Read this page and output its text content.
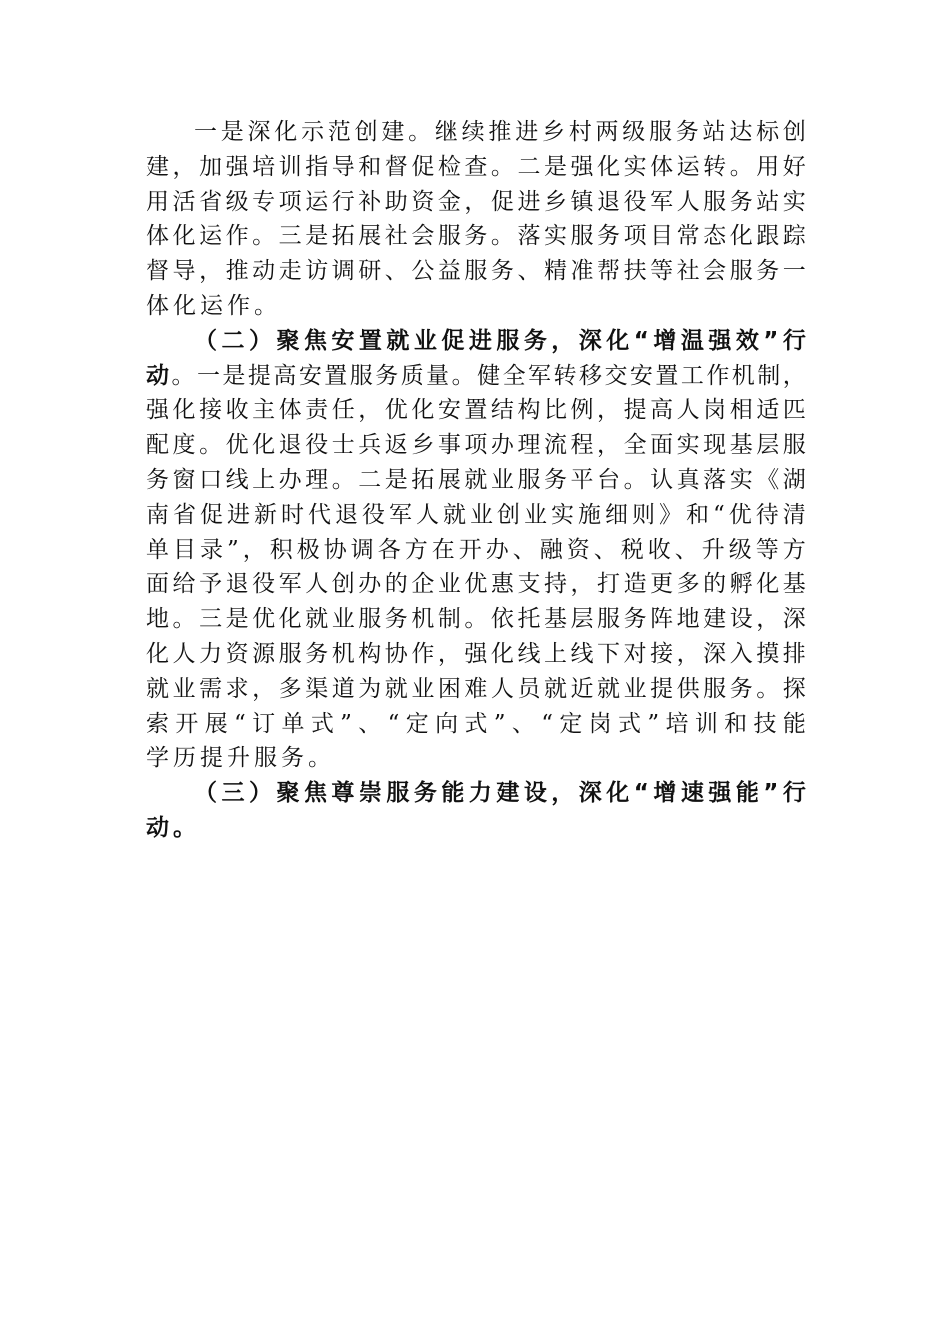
一 是 深 化 示 范 创 建 。 继 续 推 进 乡 村 两 级 服 务 站 达 标 创
建 ， 加 强 培 训 指 导 和 督 促 检 查 。 二 是 强 化 实 体 运 转 。 用 好
用 活 省 级 专 项 运 行 补 助 资 金 ， 促 进 乡 镇 退 役 军 人 服 务 站 实
体 化 运 作 。 三 是 拓 展 社 会 服 务 。 落 实 服 务 项 目 常 态 化 跟 踪
督 导 ， 推 动 走 访 调 研 、 公 益 服 务 、 精 准 帮 扶 等 社 会 服 务 一
体化运作。
（ 二 ） 聚 焦 安 置 就 业 促 进 服 务 ， 深 化 “ 增 温 强 效 ” 行
动 。 一 是 提 高 安 置 服 务 质 量 。 健 全 军 转 移 交 安 置 工 作 机 制 ，
强 化 接 收 主 体 责 任 ， 优 化 安 置 结 构 比 例 ， 提 高 人 岗 相 适 匹
配 度 。 优 化 退 役 士 兵 返 乡 事 项 办 理 流 程 ， 全 面 实 现 基 层 服
务 窗 口 线 上 办 理 。 二 是 拓 展 就 业 服 务 平 台 。 认 真 落 实 《 湖
南 省 促 进 新 时 代 退 役 军 人 就 业 创 业 实 施 细 则 》 和 “ 优 待 清
单 目 录 ” ， 积 极 协 调 各 方 在 开 办 、 融 资 、 税 收 、 升 级 等 方
面 给 予 退 役 军 人 创 办 的 企 业 优 惠 支 持 ， 打 造 更 多 的 孵 化 基
地 。 三 是 优 化 就 业 服 务 机 制 。 依 托 基 层 服 务 阵 地 建 设 ， 深
化 人 力 资 源 服 务 机 构 协 作 ， 强 化 线 上 线 下 对 接 ， 深 入 摸 排
就 业 需 求 ， 多 渠 道 为 就 业 困 难 人 员 就 近 就 业 提 供 服 务 。 探
索 开 展 “ 订 单 式 ” 、 “ 定 向 式 ” 、 “ 定 岗 式 ” 培 训 和 技 能
学历提升服务。
（ 三 ） 聚 焦 尊 崇 服 务 能 力 建 设 ， 深 化 “ 增 速 强 能 ” 行
动。
